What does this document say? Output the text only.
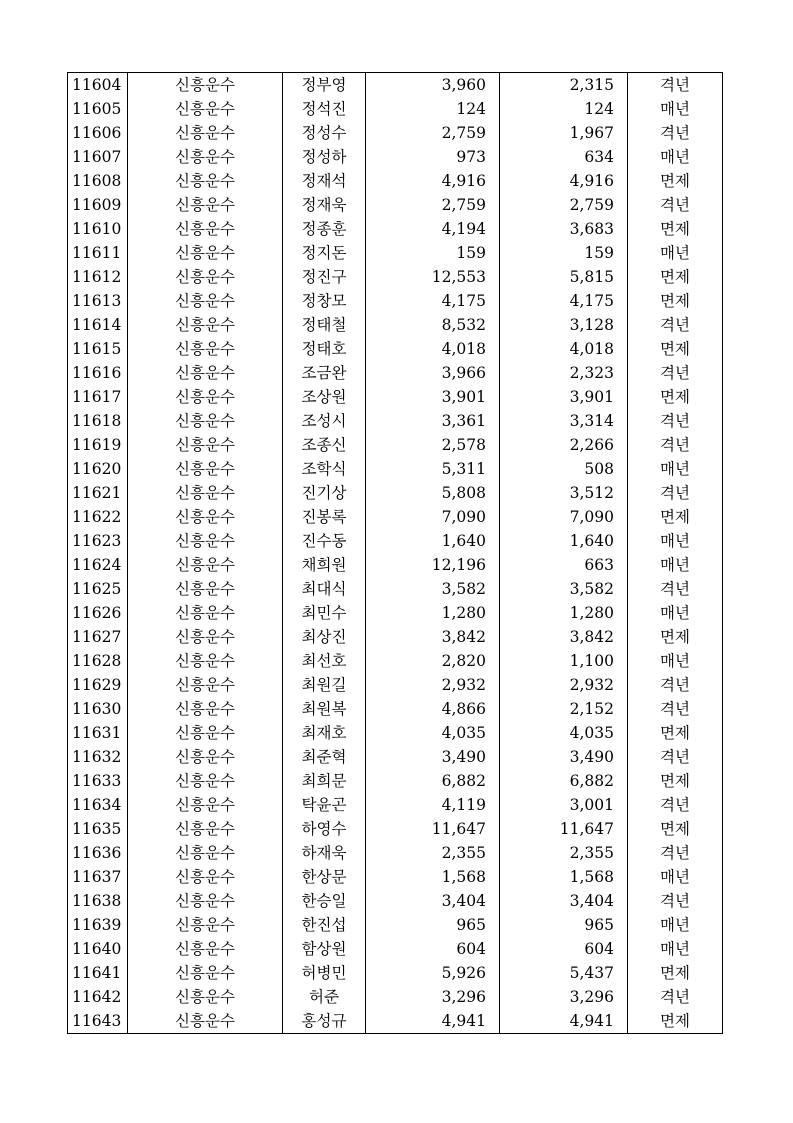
11604	신흥운수	정부영	3,960	2,315	격년
11605	신흥운수	정석진	124	124	매년
11606	신흥운수	정성수	2,759	1,967	격년
11607	신흥운수	정성하	973	634	매년
11608	신흥운수	정재석	4,916	4,916	면제
11609	신흥운수	정재욱	2,759	2,759	격년
11610	신흥운수	정종훈	4,194	3,683	면제
11611	신흥운수	정지돈	159	159	매년
11612	신흥운수	정진구	12,553	5,815	면제
11613	신흥운수	정창모	4,175	4,175	면제
11614	신흥운수	정태철	8,532	3,128	격년
11615	신흥운수	정태호	4,018	4,018	면제
11616	신흥운수	조금완	3,966	2,323	격년
11617	신흥운수	조상원	3,901	3,901	면제
11618	신흥운수	조성시	3,361	3,314	격년
11619	신흥운수	조종신	2,578	2,266	격년
11620	신흥운수	조학식	5,311	508	매년
11621	신흥운수	진기상	5,808	3,512	격년
11622	신흥운수	진봉록	7,090	7,090	면제
11623	신흥운수	진수동	1,640	1,640	매년
11624	신흥운수	채희원	12,196	663	매년
11625	신흥운수	최대식	3,582	3,582	격년
11626	신흥운수	최민수	1,280	1,280	매년
11627	신흥운수	최상진	3,842	3,842	면제
11628	신흥운수	최선호	2,820	1,100	매년
11629	신흥운수	최원길	2,932	2,932	격년
11630	신흥운수	최원복	4,866	2,152	격년
11631	신흥운수	최재호	4,035	4,035	면제
11632	신흥운수	최준혁	3,490	3,490	격년
11633	신흥운수	최희문	6,882	6,882	면제
11634	신흥운수	탁윤곤	4,119	3,001	격년
11635	신흥운수	하영수	11,647	11,647	면제
11636	신흥운수	하재욱	2,355	2,355	격년
11637	신흥운수	한상문	1,568	1,568	매년
11638	신흥운수	한승일	3,404	3,404	격년
11639	신흥운수	한진섭	965	965	매년
11640	신흥운수	함상원	604	604	매년
11641	신흥운수	허병민	5,926	5,437	면제
11642	신흥운수	허준	3,296	3,296	격년
11643	신흥운수	홍성규	4,941	4,941	면제
